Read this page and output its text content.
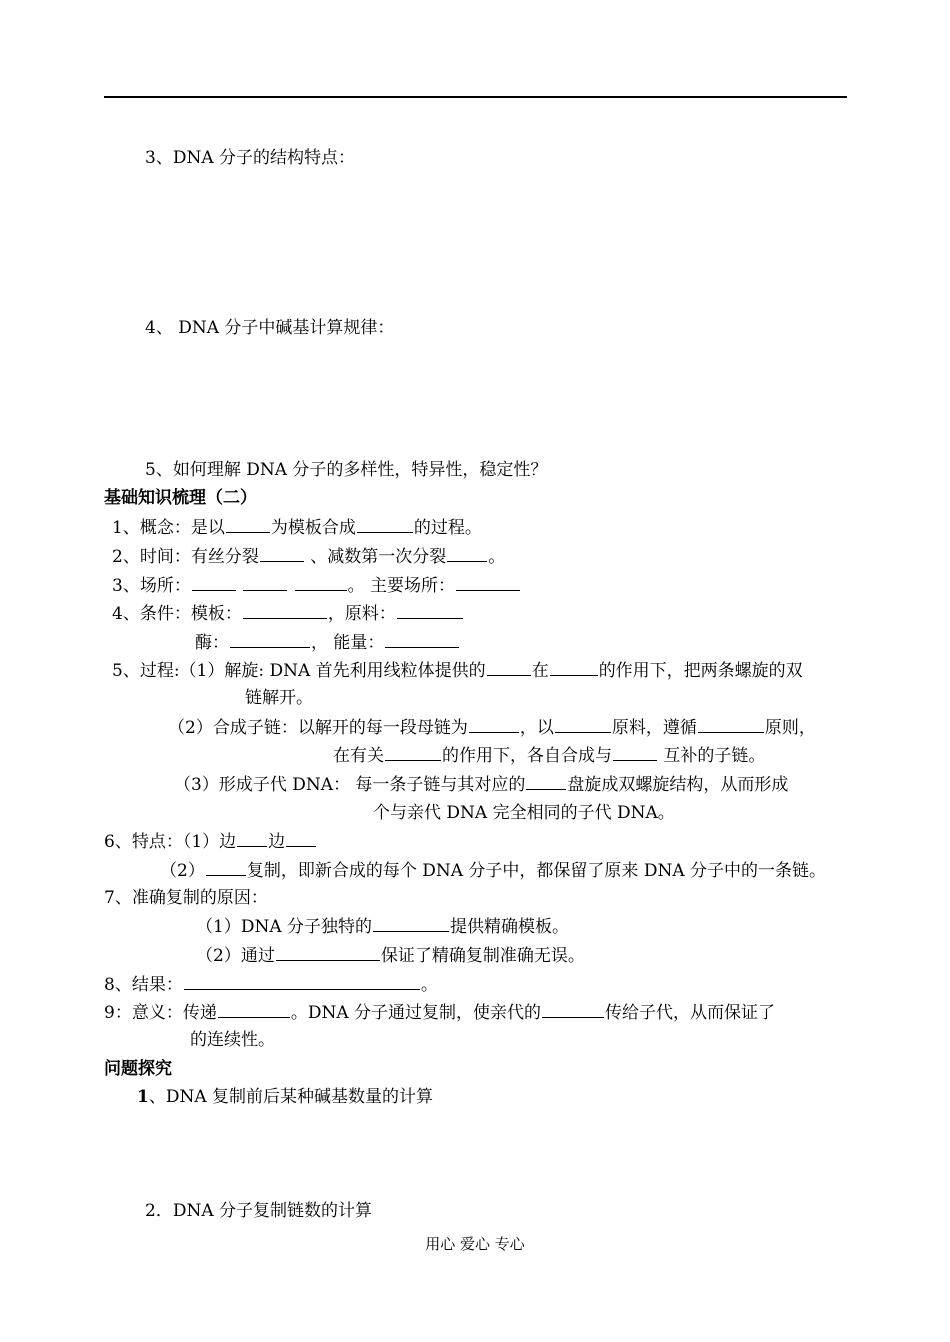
3、DNA 分子的结构特点：
4、 DNA 分子中碱基计算规律：
5、如何理解 DNA 分子的多样性，特异性，稳定性？
基础知识梳理（二）
1、概念：是以	为模板合成	的过程。
2、时间：有丝分裂	、减数第一次分裂 。
3、场所：	。 主要场所：
4、条件：模板：	，原料：
酶：	， 能量：
5、过程:（1）解旋: DNA 首先利用线粒体提供的	在	的作用下，把两条螺旋的双
链解开。
（2）合成子链：以解开的每一段母链为	，以	原料，遵循	原则，
在有关	的作用下，各自合成与	互补的子链。
（3）形成子代 DNA： 每一条子链与其对应的 盘旋成双螺旋结构，从而形成
个与亲代 DNA 完全相同的子代 DNA。
6、特点：（1）边 边
（2） 复制，即新合成的每个 DNA 分子中，都保留了原来 DNA 分子中的一条链。
7、准确复制的原因：
（1）DNA 分子独特的	提供精确模板。
（2）通过	保证了精确复制准确无误。
8、结果：	。
9：意义：传递	。DNA 分子通过复制，使亲代的	传给子代，从而保证了
的连续性。
问题探究
1、DNA 复制前后某种碱基数量的计算
2．DNA 分子复制链数的计算
用心 爱心 专心
